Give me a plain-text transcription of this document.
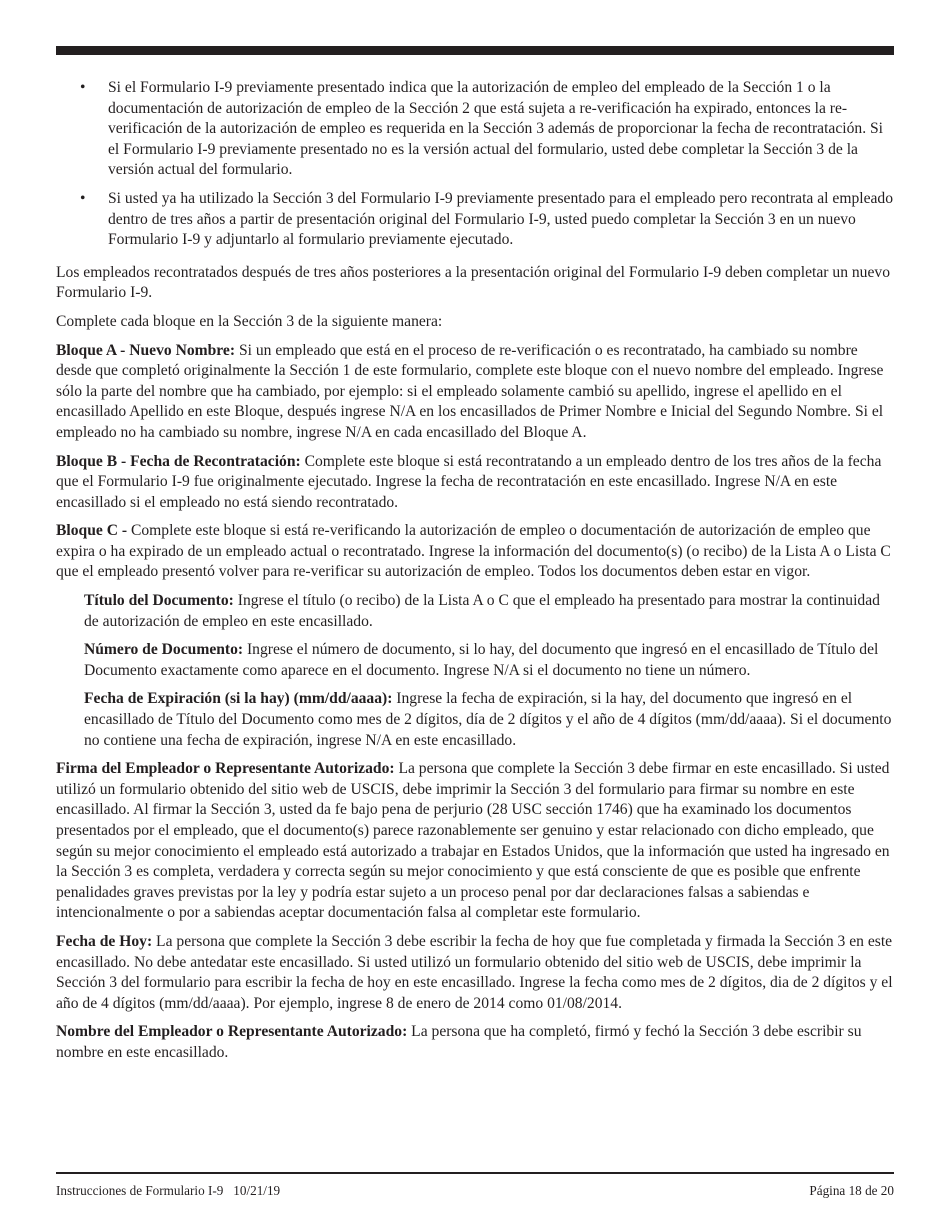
• Si el Formulario I-9 previamente presentado indica que la autorización de empleo del empleado de la Sección 1 o la documentación de autorización de empleo de la Sección 2 que está sujeta a re-verificación ha expirado, entonces la re-verificación de la autorización de empleo es requerida en la Sección 3 además de proporcionar la fecha de recontratación. Si el Formulario I-9 previamente presentado no es la versión actual del formulario, usted debe completar la Sección 3 de la versión actual del formulario.
• Si usted ya ha utilizado la Sección 3 del Formulario I-9 previamente presentado para el empleado pero recontrata al empleado dentro de tres años a partir de presentación original del Formulario I-9, usted puedo completar la Sección 3 en un nuevo Formulario I-9 y adjuntarlo al formulario previamente ejecutado.

Los empleados recontratados después de tres años posteriores a la presentación original del Formulario I-9 deben completar un nuevo Formulario I-9.

Complete cada bloque en la Sección 3 de la siguiente manera:

Bloque A - Nuevo Nombre: Si un empleado que está en el proceso de re-verificación o es recontratado, ha cambiado su nombre desde que completó originalmente la Sección 1 de este formulario, complete este bloque con el nuevo nombre del empleado. Ingrese sólo la parte del nombre que ha cambiado, por ejemplo: si el empleado solamente cambió su apellido, ingrese el apellido en el encasillado Apellido en este Bloque, después ingrese N/A en los encasillados de Primer Nombre e Inicial del Segundo Nombre. Si el empleado no ha cambiado su nombre, ingrese N/A en cada encasillado del Bloque A.

Bloque B - Fecha de Recontratación: Complete este bloque si está recontratando a un empleado dentro de los tres años de la fecha que el Formulario I-9 fue originalmente ejecutado. Ingrese la fecha de recontratación en este encasillado. Ingrese N/A en este encasillado si el empleado no está siendo recontratado.

Bloque C - Complete este bloque si está re-verificando la autorización de empleo o documentación de autorización de empleo que expira o ha expirado de un empleado actual o recontratado. Ingrese la información del documento(s) (o recibo) de la Lista A o Lista C que el empleado presentó volver para re-verificar su autorización de empleo. Todos los documentos deben estar en vigor.

Título del Documento: Ingrese el título (o recibo) de la Lista A o C que el empleado ha presentado para mostrar la continuidad de autorización de empleo en este encasillado.

Número de Documento: Ingrese el número de documento, si lo hay, del documento que ingresó en el encasillado de Título del Documento exactamente como aparece en el documento. Ingrese N/A si el documento no tiene un número.

Fecha de Expiración (si la hay) (mm/dd/aaaa): Ingrese la fecha de expiración, si la hay, del documento que ingresó en el encasillado de Título del Documento como mes de 2 dígitos, día de 2 dígitos y el año de 4 dígitos (mm/dd/aaaa). Si el documento no contiene una fecha de expiración, ingrese N/A en este encasillado.

Firma del Empleador o Representante Autorizado: La persona que complete la Sección 3 debe firmar en este encasillado. Si usted utilizó un formulario obtenido del sitio web de USCIS, debe imprimir la Sección 3 del formulario para firmar su nombre en este encasillado. Al firmar la Sección 3, usted da fe bajo pena de perjurio (28 USC sección 1746) que ha examinado los documentos presentados por el empleado, que el documento(s) parece razonablemente ser genuino y estar relacionado con dicho empleado, que según su mejor conocimiento el empleado está autorizado a trabajar en Estados Unidos, que la información que usted ha ingresado en la Sección 3 es completa, verdadera y correcta según su mejor conocimiento y que está consciente de que es posible que enfrente penalidades graves previstas por la ley y podría estar sujeto a un proceso penal por dar declaraciones falsas a sabiendas e intencionalmente o por a sabiendas aceptar documentación falsa al completar este formulario.

Fecha de Hoy: La persona que complete la Sección 3 debe escribir la fecha de hoy que fue completada y firmada la Sección 3 en este encasillado. No debe antedatar este encasillado. Si usted utilizó un formulario obtenido del sitio web de USCIS, debe imprimir la Sección 3 del formulario para escribir la fecha de hoy en este encasillado. Ingrese la fecha como mes de 2 dígitos, dia de 2 dígitos y el año de 4 dígitos (mm/dd/aaaa). Por ejemplo, ingrese 8 de enero de 2014 como 01/08/2014.

Nombre del Empleador o Representante Autorizado: La persona que ha completó, firmó y fechó la Sección 3 debe escribir su nombre en este encasillado.

Instrucciones de Formulario I-9   10/21/19	Página 18 de 20
